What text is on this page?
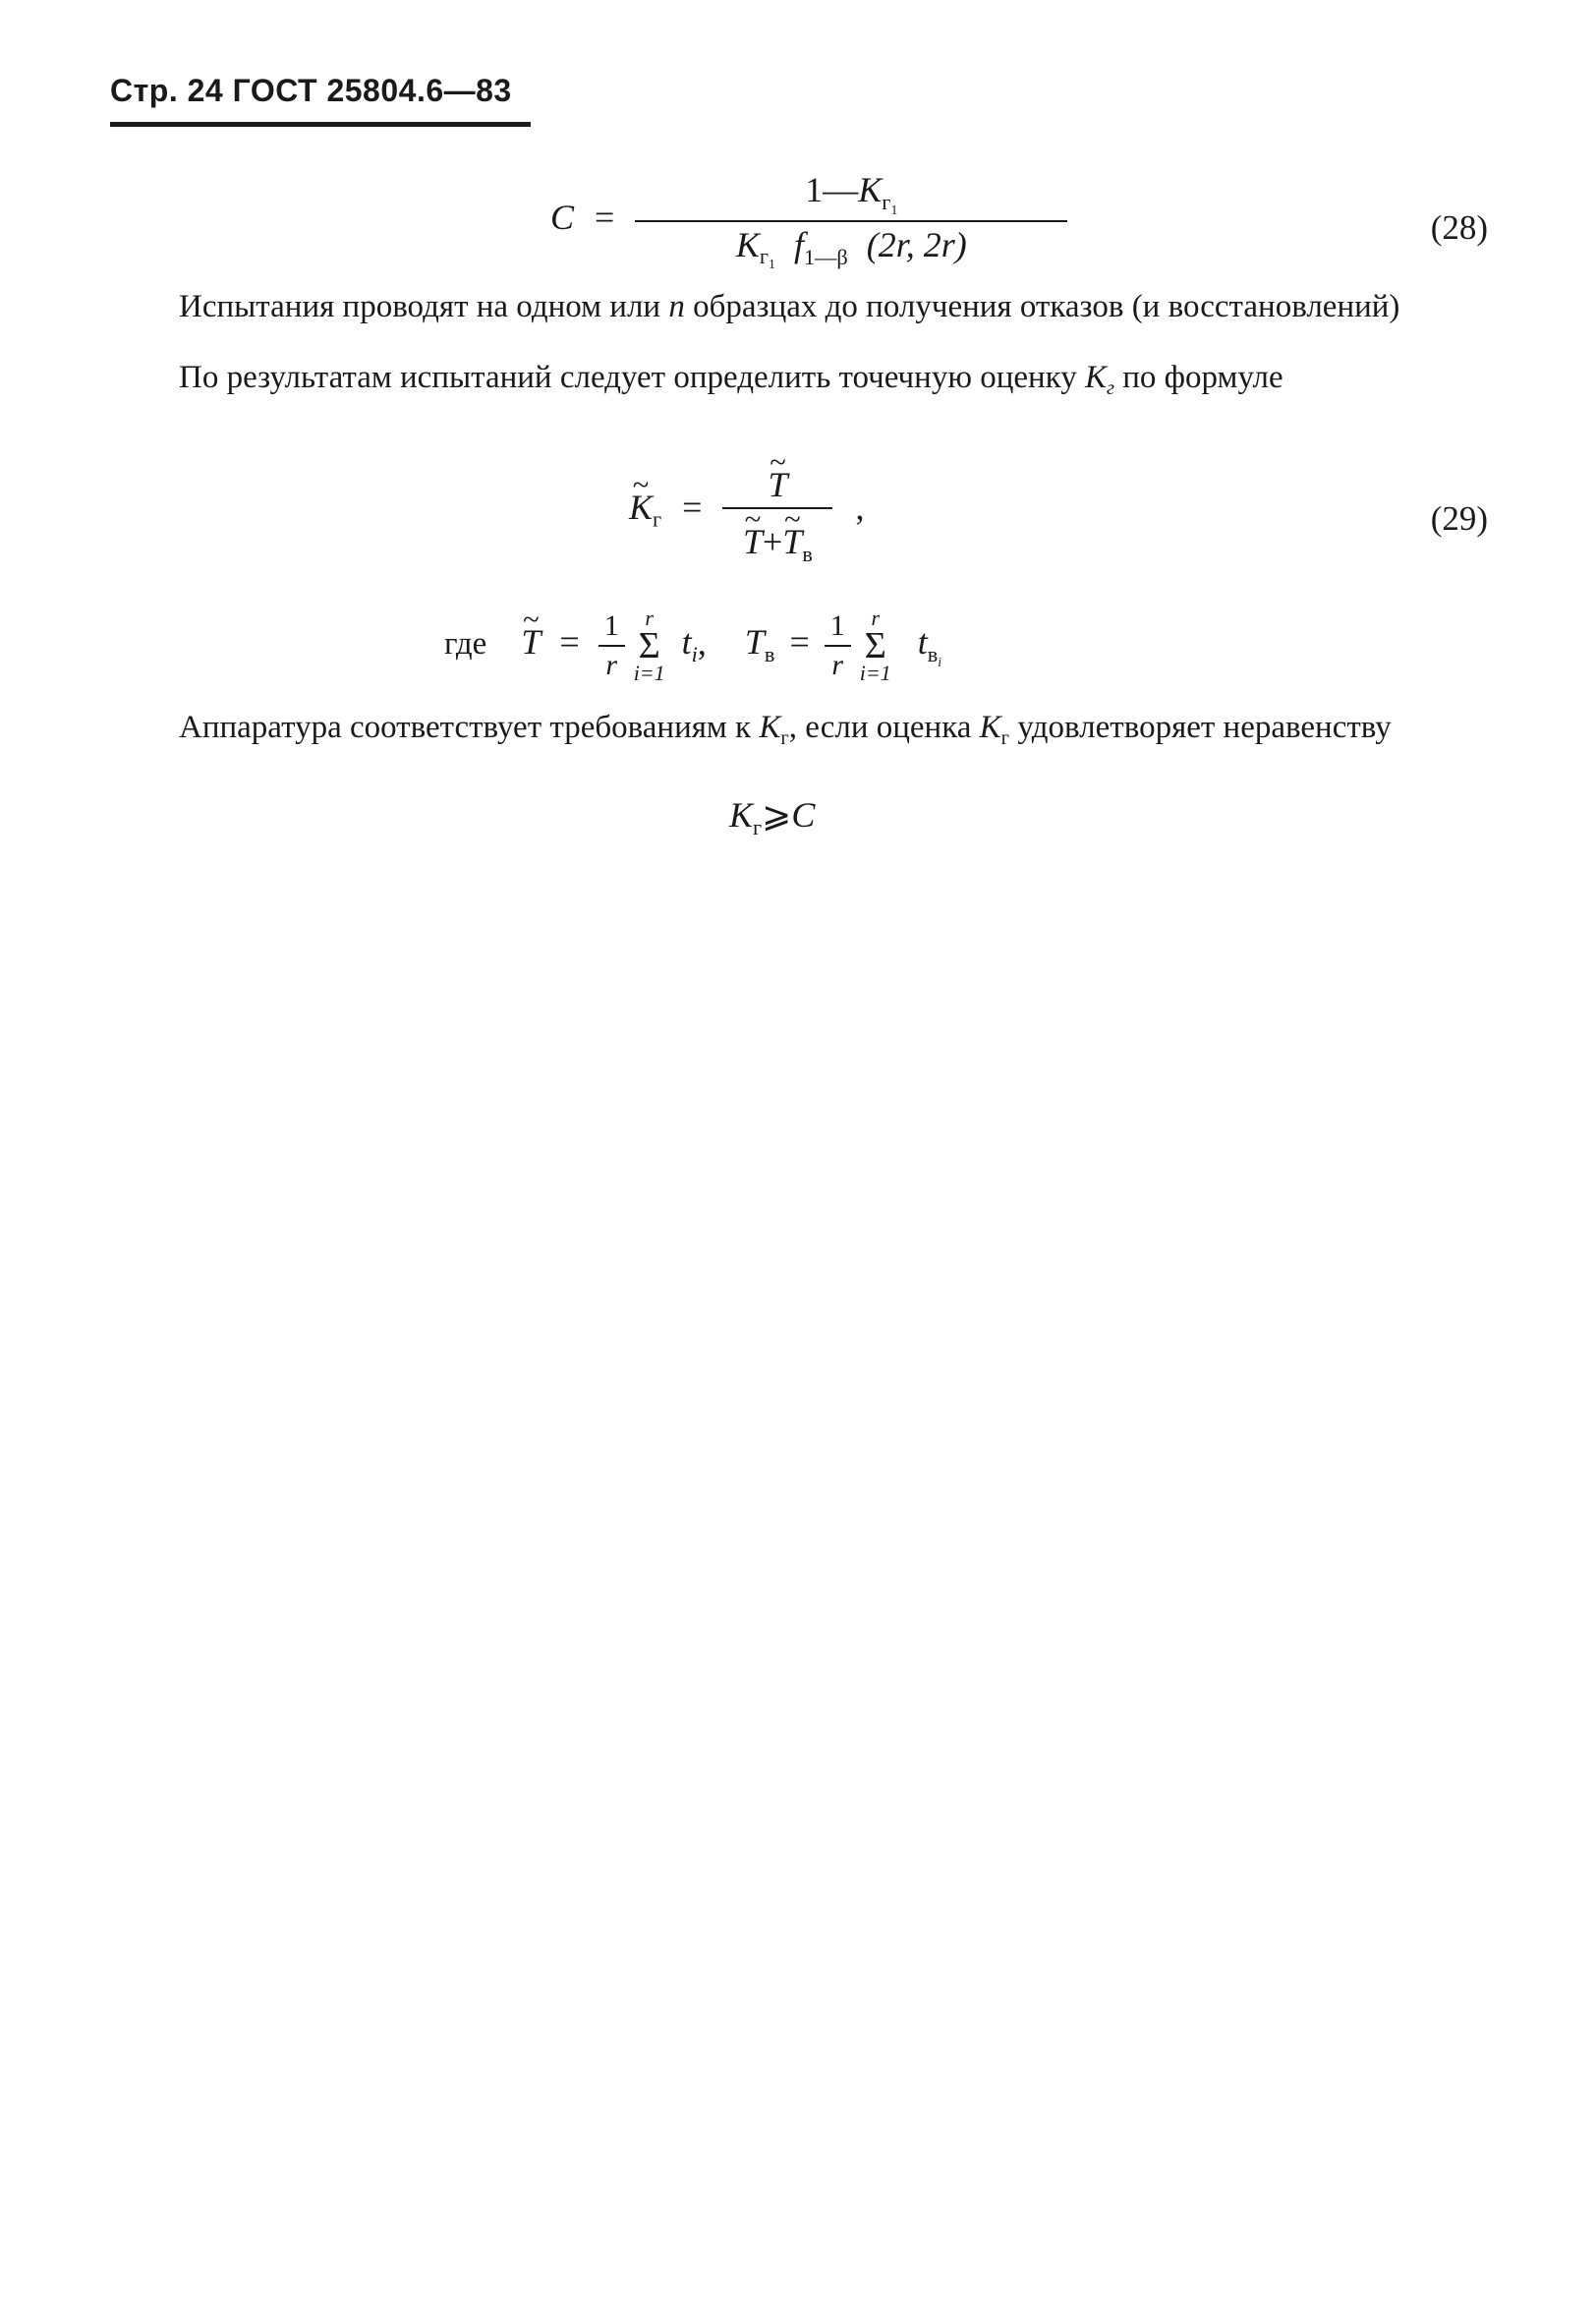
Стр. 24 ГОСТ 25804.6—83
$C = \frac{1—K_{г_1}}{K_{г_1} f_{1—\beta} (2r, 2r)}$	(28)
Испытания проводят на одном или n образцах до получения отказов (и восстановлений)
По результатам испытаний следует определить точечную оценку $K_г$ по формуле
~ $K_г$ = ~ T
~ T+~ $T_в$ ,	(29)
где ~ $T = \frac{1}{r}$
r
Σ
i=1
$t_i$, $T_в = \frac{1}{r}$
r
Σ
i=1
$t_{в_i}$
Аппаратура соответствует требованиям к $K_г$, если оценка $K_г$ удовлетворяет неравенству
$K_г⩾C$
